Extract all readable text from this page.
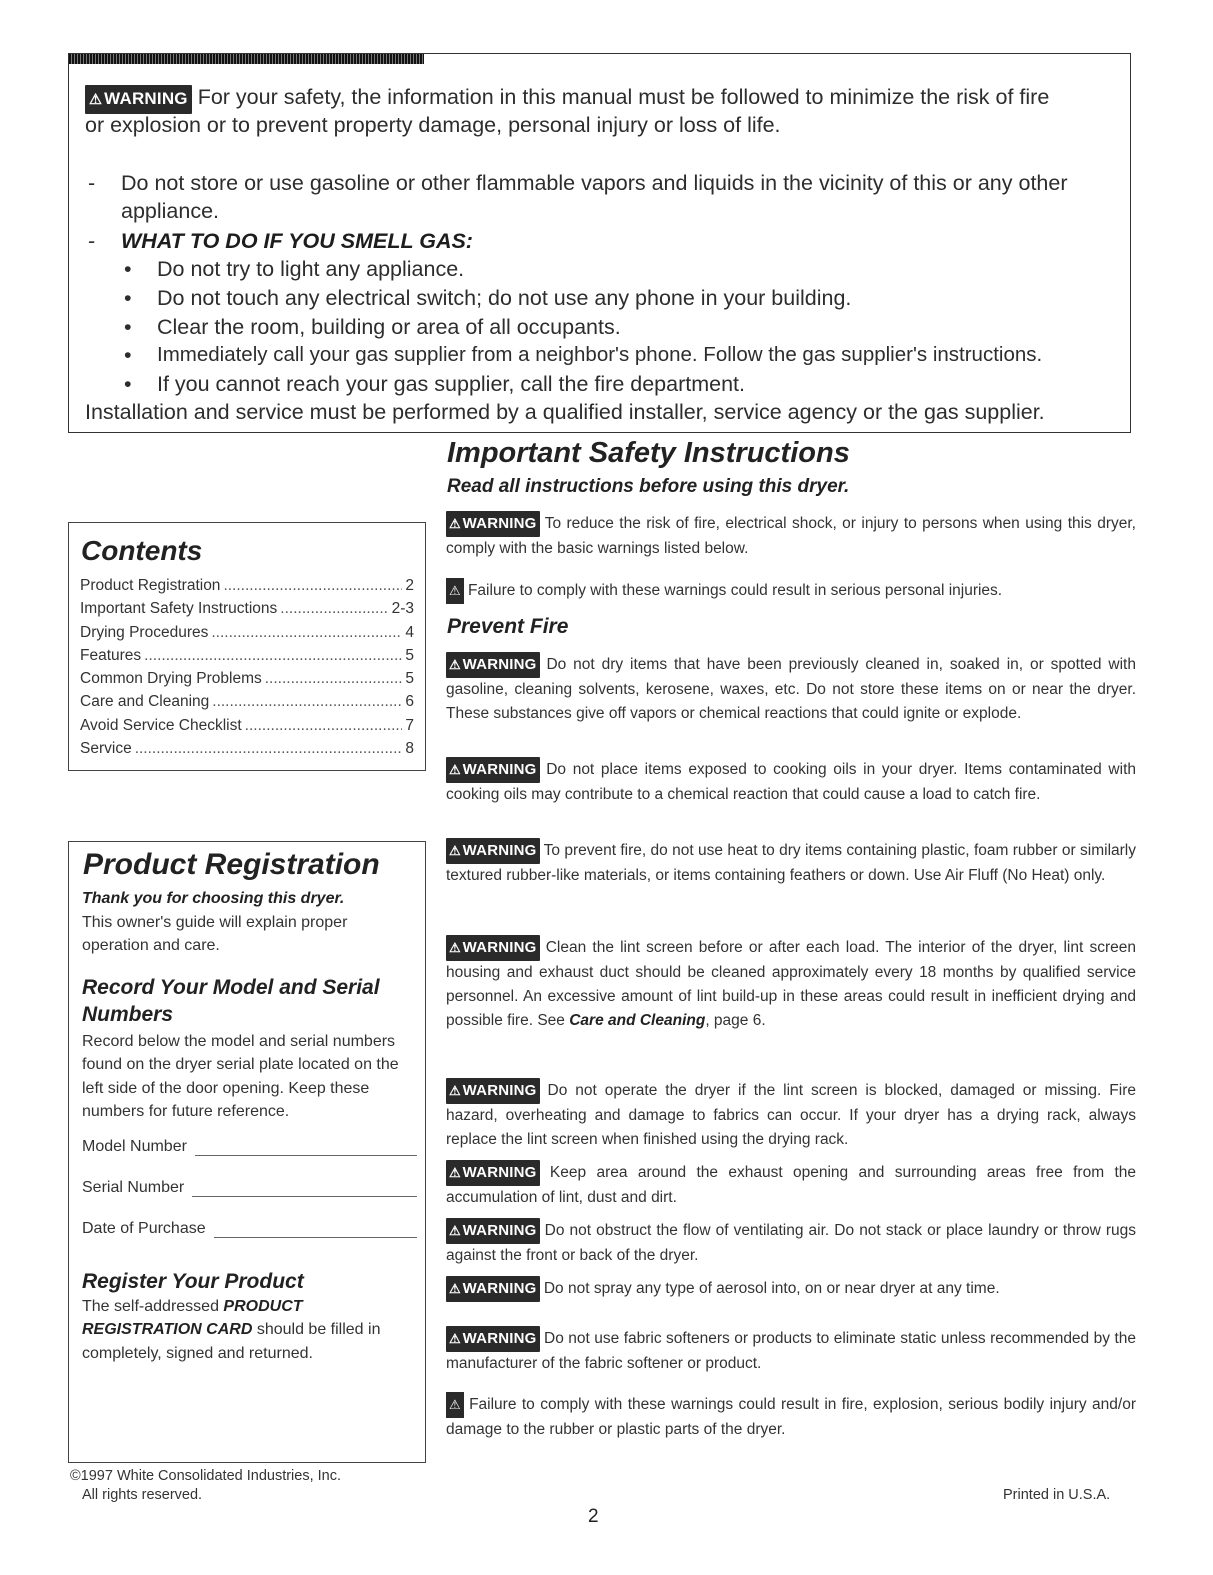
⚠ WARNING For your safety, the information in this manual must be followed to minimize the risk of fire
or explosion or to prevent property damage, personal injury or loss of life.
- Do not store or use gasoline or other flammable vapors and liquids in the vicinity of this or any other
appliance.
- WHAT TO DO IF YOU SMELL GAS:
• Do not try to light any appliance.
• Do not touch any electrical switch; do not use any phone in your building.
• Clear the room, building or area of all occupants.
• Immediately call your gas supplier from a neighbor's phone. Follow the gas supplier's instructions.
• If you cannot reach your gas supplier, call the fire department.
Installation and service must be performed by a qualified installer, service agency or the gas supplier.
Important Safety Instructions
Read all instructions before using this dryer.
⚠ WARNING To reduce the risk of fire, electrical shock, or injury to persons when using this dryer, comply with the basic warnings listed below.
⚠ Failure to comply with these warnings could result in serious personal injuries.
Prevent Fire
⚠ WARNING Do not dry items that have been previously cleaned in, soaked in, or spotted with gasoline, cleaning solvents, kerosene, waxes, etc. Do not store these items on or near the dryer. These substances give off vapors or chemical reactions that could ignite or explode.
⚠ WARNING Do not place items exposed to cooking oils in your dryer. Items contaminated with cooking oils may contribute to a chemical reaction that could cause a load to catch fire.
⚠ WARNING To prevent fire, do not use heat to dry items containing plastic, foam rubber or similarly textured rubber-like materials, or items containing feathers or down. Use Air Fluff (No Heat) only.
⚠ WARNING Clean the lint screen before or after each load. The interior of the dryer, lint screen housing and exhaust duct should be cleaned approximately every 18 months by qualified service personnel. An excessive amount of lint build-up in these areas could result in inefficient drying and possible fire. See Care and Cleaning, page 6.
⚠ WARNING Do not operate the dryer if the lint screen is blocked, damaged or missing. Fire hazard, overheating and damage to fabrics can occur. If your dryer has a drying rack, always replace the lint screen when finished using the drying rack.
⚠ WARNING Keep area around the exhaust opening and surrounding areas free from the accumulation of lint, dust and dirt.
⚠ WARNING Do not obstruct the flow of ventilating air. Do not stack or place laundry or throw rugs against the front or back of the dryer.
⚠ WARNING Do not spray any type of aerosol into, on or near dryer at any time.
⚠ WARNING Do not use fabric softeners or products to eliminate static unless recommended by the manufacturer of the fabric softener or product.
⚠ Failure to comply with these warnings could result in fire, explosion, serious bodily injury and/or damage to the rubber or plastic parts of the dryer.
Contents
Product Registration .....	2
Important Safety Instructions .....	2-3
Drying Procedures .....	4
Features .....	5
Common Drying Problems .....	5
Care and Cleaning .....	6
Avoid Service Checklist .....	7
Service .....	8
Product Registration
Thank you for choosing this dryer.
This owner's guide will explain proper operation and care.
Record Your Model and Serial Numbers
Record below the model and serial numbers found on the dryer serial plate located on the left side of the door opening. Keep these numbers for future reference.
Model Number
Serial Number
Date of Purchase
Register Your Product
The self-addressed PRODUCT REGISTRATION CARD should be filled in completely, signed and returned.
©1997 White Consolidated Industries, Inc.
All rights reserved.	Printed in U.S.A.
2
